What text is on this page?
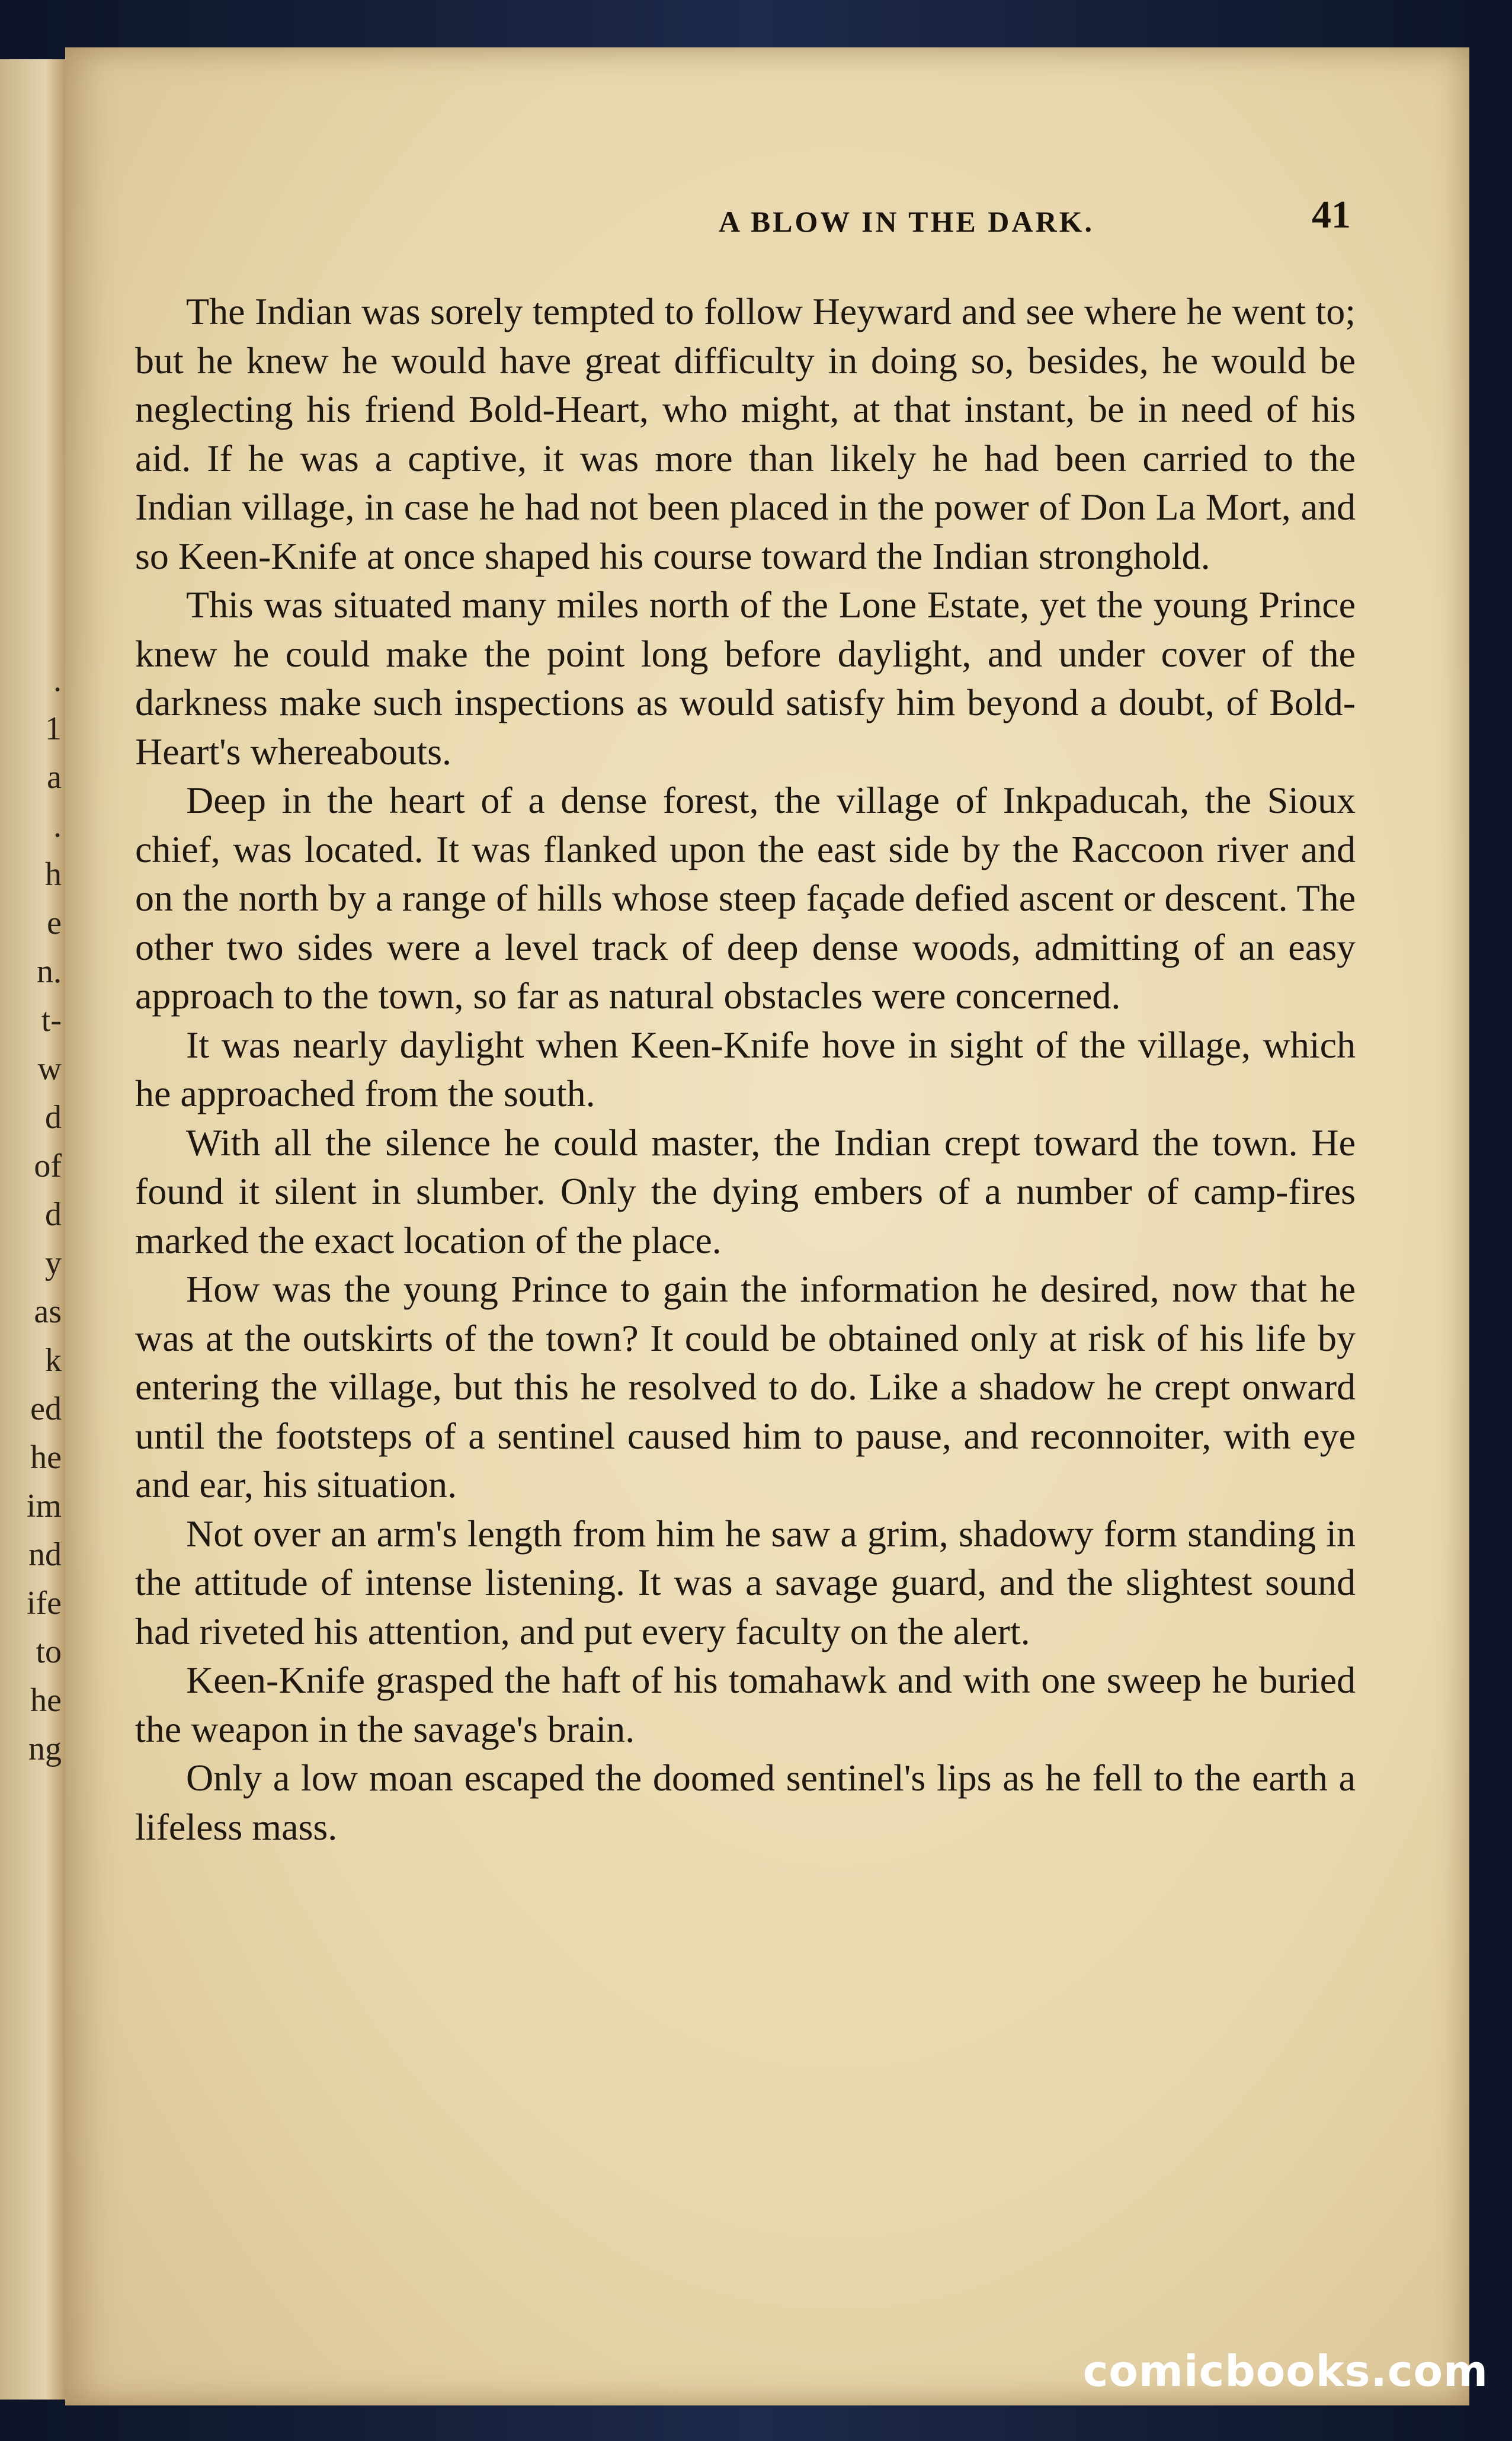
.
1
a
.
h
e
n.
t-
w
d
of
d
y
as
k
ed
he
im
nd
ife
to
he
ng
A BLOW IN THE DARK.	41

The Indian was sorely tempted to follow Heyward and see where he went to; but he knew he would have great difficulty in doing so, besides, he would be neglecting his friend Bold-Heart, who might, at that instant, be in need of his aid. If he was a captive, it was more than likely he had been carried to the Indian village, in case he had not been placed in the power of Don La Mort, and so Keen-Knife at once shaped his course toward the Indian stronghold.

This was situated many miles north of the Lone Estate, yet the young Prince knew he could make the point long before daylight, and under cover of the darkness make such inspections as would satisfy him beyond a doubt, of Bold-Heart's whereabouts.

Deep in the heart of a dense forest, the village of Inkpaducah, the Sioux chief, was located. It was flanked upon the east side by the Raccoon river and on the north by a range of hills whose steep façade defied ascent or descent. The other two sides were a level track of deep dense woods, admitting of an easy approach to the town, so far as natural obstacles were concerned.

It was nearly daylight when Keen-Knife hove in sight of the village, which he approached from the south.

With all the silence he could master, the Indian crept toward the town. He found it silent in slumber. Only the dying embers of a number of camp-fires marked the exact location of the place.

How was the young Prince to gain the information he desired, now that he was at the outskirts of the town? It could be obtained only at risk of his life by entering the village, but this he resolved to do. Like a shadow he crept onward until the footsteps of a sentinel caused him to pause, and reconnoiter, with eye and ear, his situation.

Not over an arm's length from him he saw a grim, shadowy form standing in the attitude of intense listening. It was a savage guard, and the slightest sound had riveted his attention, and put every faculty on the alert.

Keen-Knife grasped the haft of his tomahawk and with one sweep he buried the weapon in the savage's brain.

Only a low moan escaped the doomed sentinel's lips as he fell to the earth a lifeless mass.

comicbooks.com
